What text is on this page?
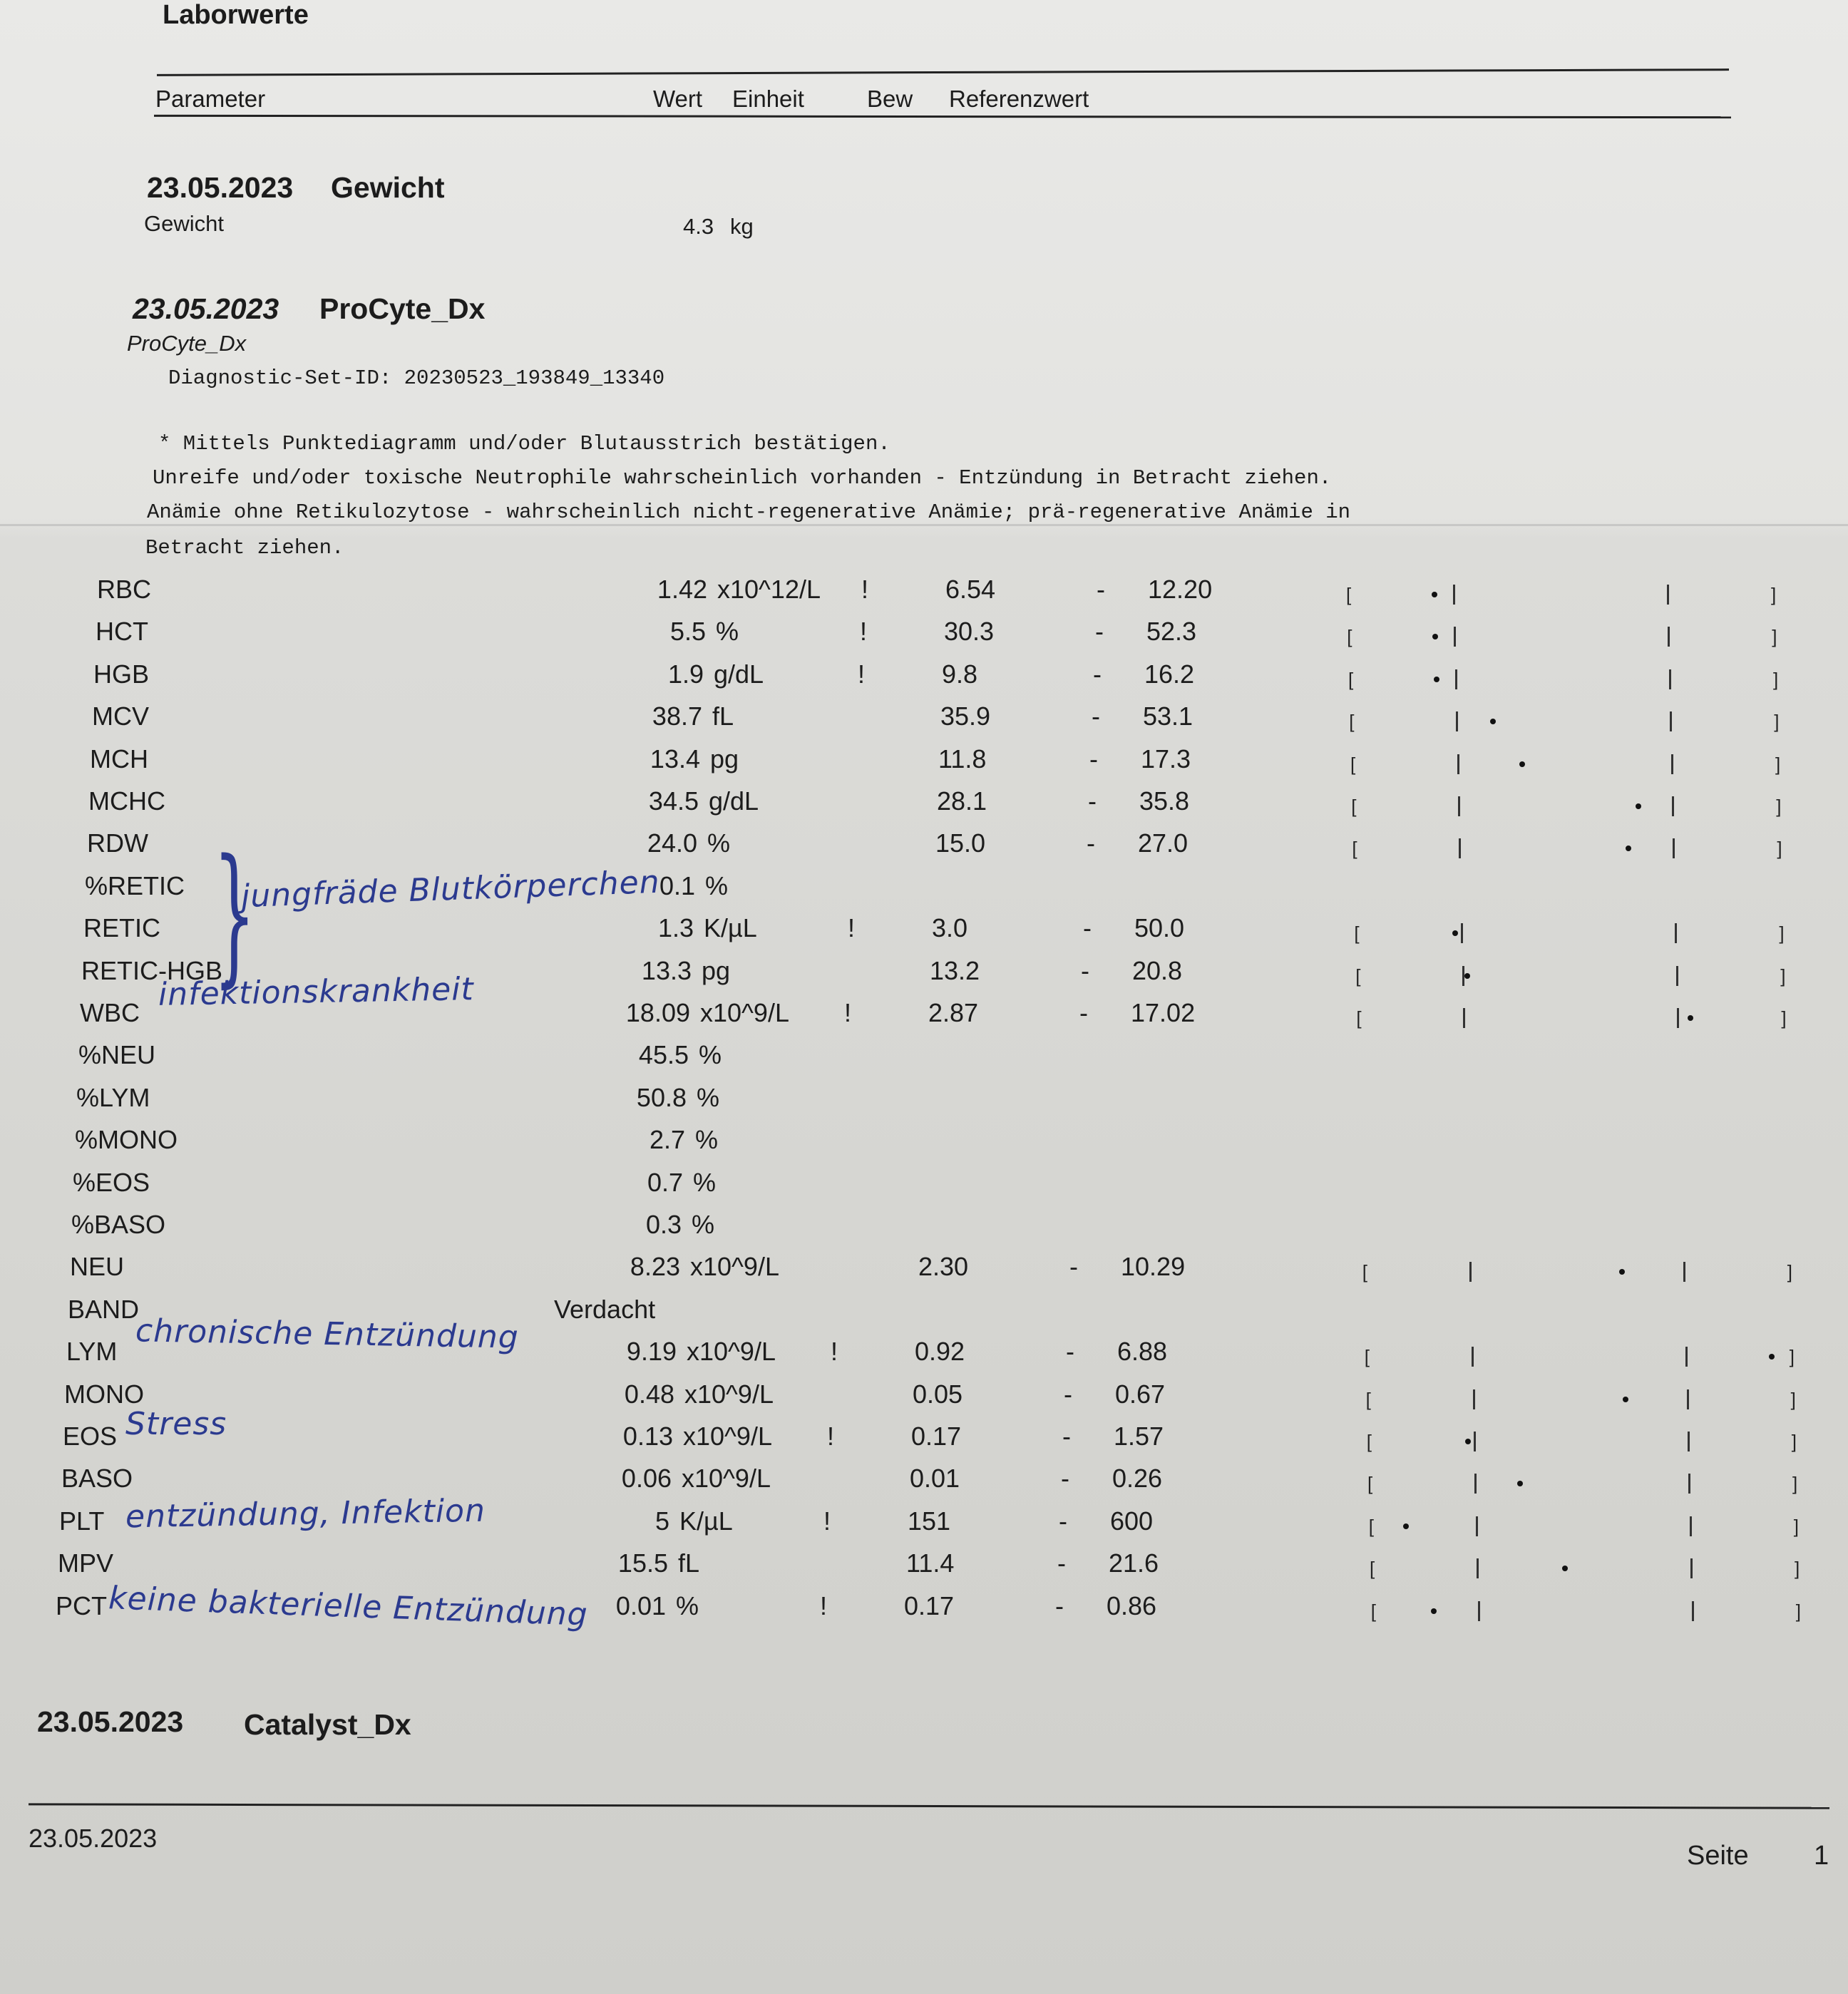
Laborwerte
Parameter	Wert Einheit	Bew Referenzwert
23.05.2023 Gewicht
Gewicht	4.3 kg
23.05.2023 ProCyte_Dx
ProCyte_Dx
Diagnostic-Set-ID: 20230523_193849_13340
* Mittels Punktediagramm und/oder Blutausstrich bestätigen.
Unreife und/oder toxische Neutrophile wahrscheinlich vorhanden - Entzündung in Betracht ziehen.
Anämie ohne Retikulozytose - wahrscheinlich nicht-regenerative Anämie; prä-regenerative Anämie in
Betracht ziehen.
RBC	1.42 x10^12/L !	6.54	- 12.20	[	]
HCT	5.5 %	!	30.3	- 52.3	[	]
HGB	1.9 g/dL	!	9.8	- 16.2	[	]
MCV	38.7 fL	35.9	- 53.1	[	]
MCH	13.4 pg	11.8	- 17.3	[	]
MCHC	34.5 g/dL	28.1	- 35.8	[	]
RDW	24.0 %	15.0	- 27.0	[	]
%RETIC	0.1 %
RETIC	1.3 K/µL	!	3.0	- 50.0	[	]
RETIC-HGB	13.3 pg	13.2	- 20.8	[	]
WBC	18.09 x10^9/L !	2.87	- 17.02	[	]
%NEU	45.5 %
%LYM	50.8 %
%MONO	2.7 %
%EOS	0.7 %
%BASO	0.3 %
NEU	8.23 x10^9/L	2.30	- 10.29	[	]
BAND	Verdacht
LYM	9.19 x10^9/L !	0.92	- 6.88	[	]
MONO	0.48 x10^9/L	0.05	- 0.67	[	]
EOS	0.13 x10^9/L !	0.17	- 1.57	[	]
BASO	0.06 x10^9/L	0.01	- 0.26	[	]
PLT	5 K/µL	!	151	- 600	[	]
MPV	15.5 fL	11.4	- 21.6	[	]
PCT	0.01 %	!	0.17	- 0.86	[	]
}
jungfräde Blutkörperchen
infektionskrankheit
chronische Entzündung
Stress
entzündung, Infektion
keine bakterielle Entzündung
23.05.2023 Catalyst_Dx
23.05.2023
Seite 1
